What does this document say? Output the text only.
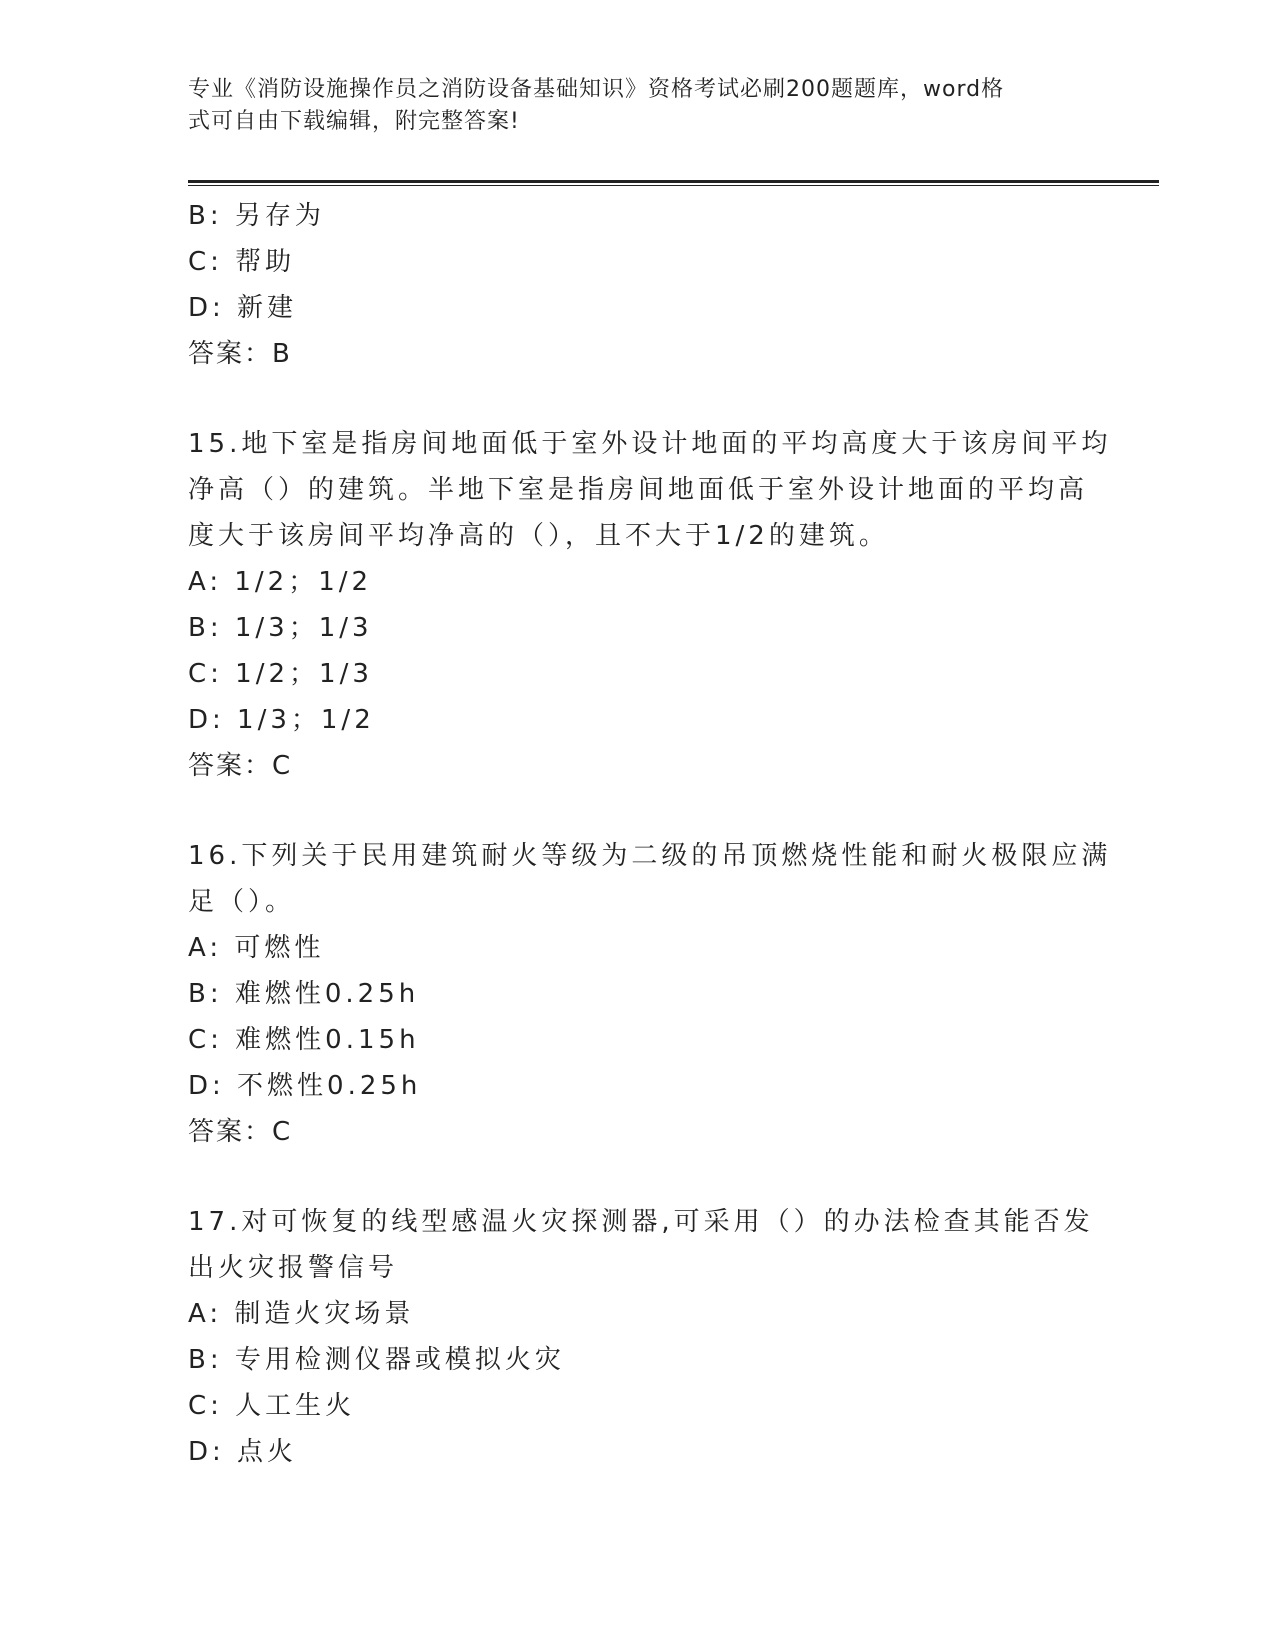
专业《消防设施操作员之消防设备基础知识》资格考试必刷200题题库，word格
式可自由下载编辑，附完整答案!
B: 另存为
C: 帮助
D: 新建
答案：B
15.地下室是指房间地面低于室外设计地面的平均高度大于该房间平均
净高（）的建筑。半地下室是指房间地面低于室外设计地面的平均高
度大于该房间平均净高的（），且不大于1/2的建筑。
A: 1/2；1/2
B: 1/3；1/3
C: 1/2；1/3
D: 1/3；1/2
答案：C
16.下列关于民用建筑耐火等级为二级的吊顶燃烧性能和耐火极限应满
足（）。
A: 可燃性
B: 难燃性0.25h
C: 难燃性0.15h
D: 不燃性0.25h
答案：C
17.对可恢复的线型感温火灾探测器,可采用（）的办法检查其能否发
出火灾报警信号
A: 制造火灾场景
B: 专用检测仪器或模拟火灾
C: 人工生火
D: 点火
